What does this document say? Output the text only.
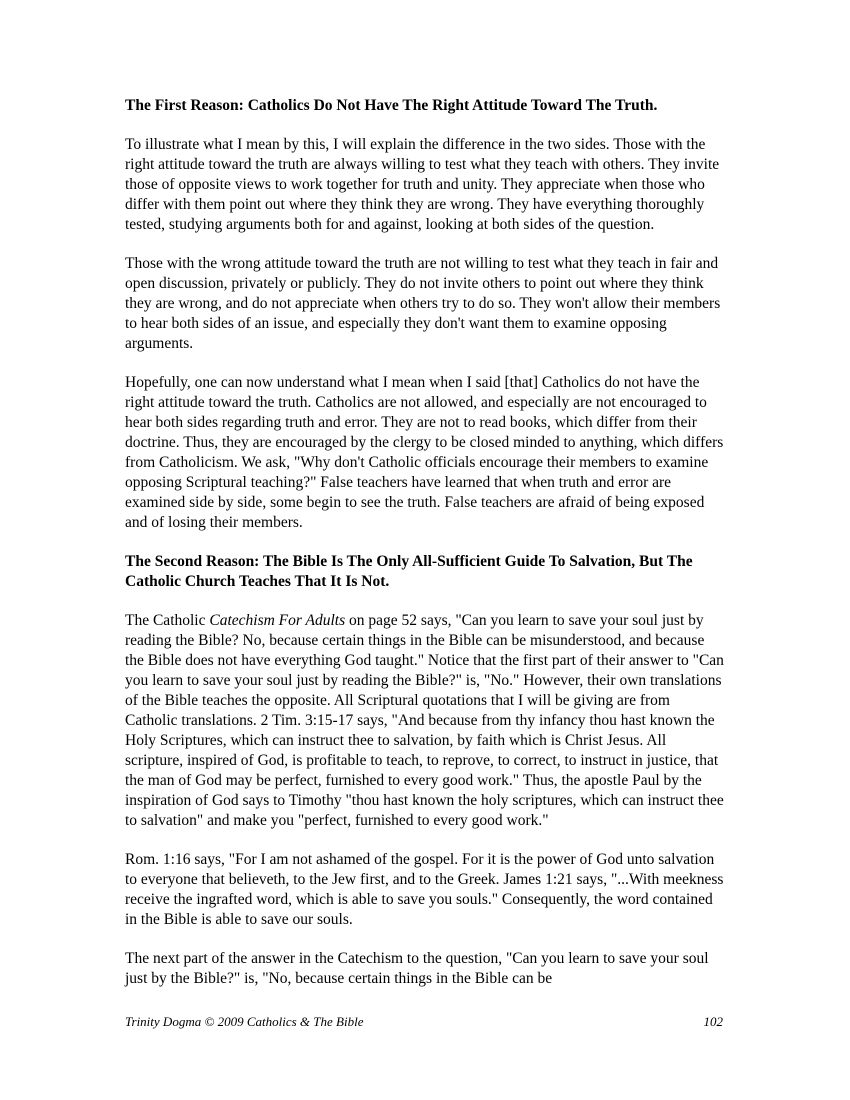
The First Reason: Catholics Do Not Have The Right Attitude Toward The Truth.

To illustrate what I mean by this, I will explain the difference in the two sides. Those with the right attitude toward the truth are always willing to test what they teach with others. They invite those of opposite views to work together for truth and unity. They appreciate when those who differ with them point out where they think they are wrong. They have everything thoroughly tested, studying arguments both for and against, looking at both sides of the question.

Those with the wrong attitude toward the truth are not willing to test what they teach in fair and open discussion, privately or publicly. They do not invite others to point out where they think they are wrong, and do not appreciate when others try to do so. They won't allow their members to hear both sides of an issue, and especially they don't want them to examine opposing arguments.

Hopefully, one can now understand what I mean when I said [that] Catholics do not have the right attitude toward the truth. Catholics are not allowed, and especially are not encouraged to hear both sides regarding truth and error. They are not to read books, which differ from their doctrine. Thus, they are encouraged by the clergy to be closed minded to anything, which differs from Catholicism. We ask, "Why don't Catholic officials encourage their members to examine opposing Scriptural teaching?" False teachers have learned that when truth and error are examined side by side, some begin to see the truth. False teachers are afraid of being exposed and of losing their members.

The Second Reason: The Bible Is The Only All-Sufficient Guide To Salvation, But The Catholic Church Teaches That It Is Not.

The Catholic Catechism For Adults on page 52 says, "Can you learn to save your soul just by reading the Bible? No, because certain things in the Bible can be misunderstood, and because the Bible does not have everything God taught." Notice that the first part of their answer to "Can you learn to save your soul just by reading the Bible?" is, "No." However, their own translations of the Bible teaches the opposite. All Scriptural quotations that I will be giving are from Catholic translations. 2 Tim. 3:15-17 says, "And because from thy infancy thou hast known the Holy Scriptures, which can instruct thee to salvation, by faith which is Christ Jesus. All scripture, inspired of God, is profitable to teach, to reprove, to correct, to instruct in justice, that the man of God may be perfect, furnished to every good work." Thus, the apostle Paul by the inspiration of God says to Timothy "thou hast known the holy scriptures, which can instruct thee to salvation" and make you "perfect, furnished to every good work."

Rom. 1:16 says, "For I am not ashamed of the gospel. For it is the power of God unto salvation to everyone that believeth, to the Jew first, and to the Greek. James 1:21 says, "...With meekness receive the ingrafted word, which is able to save you souls." Consequently, the word contained in the Bible is able to save our souls.

The next part of the answer in the Catechism to the question, "Can you learn to save your soul just by the Bible?" is, "No, because certain things in the Bible can be

Trinity Dogma © 2009 Catholics & The Bible	102
